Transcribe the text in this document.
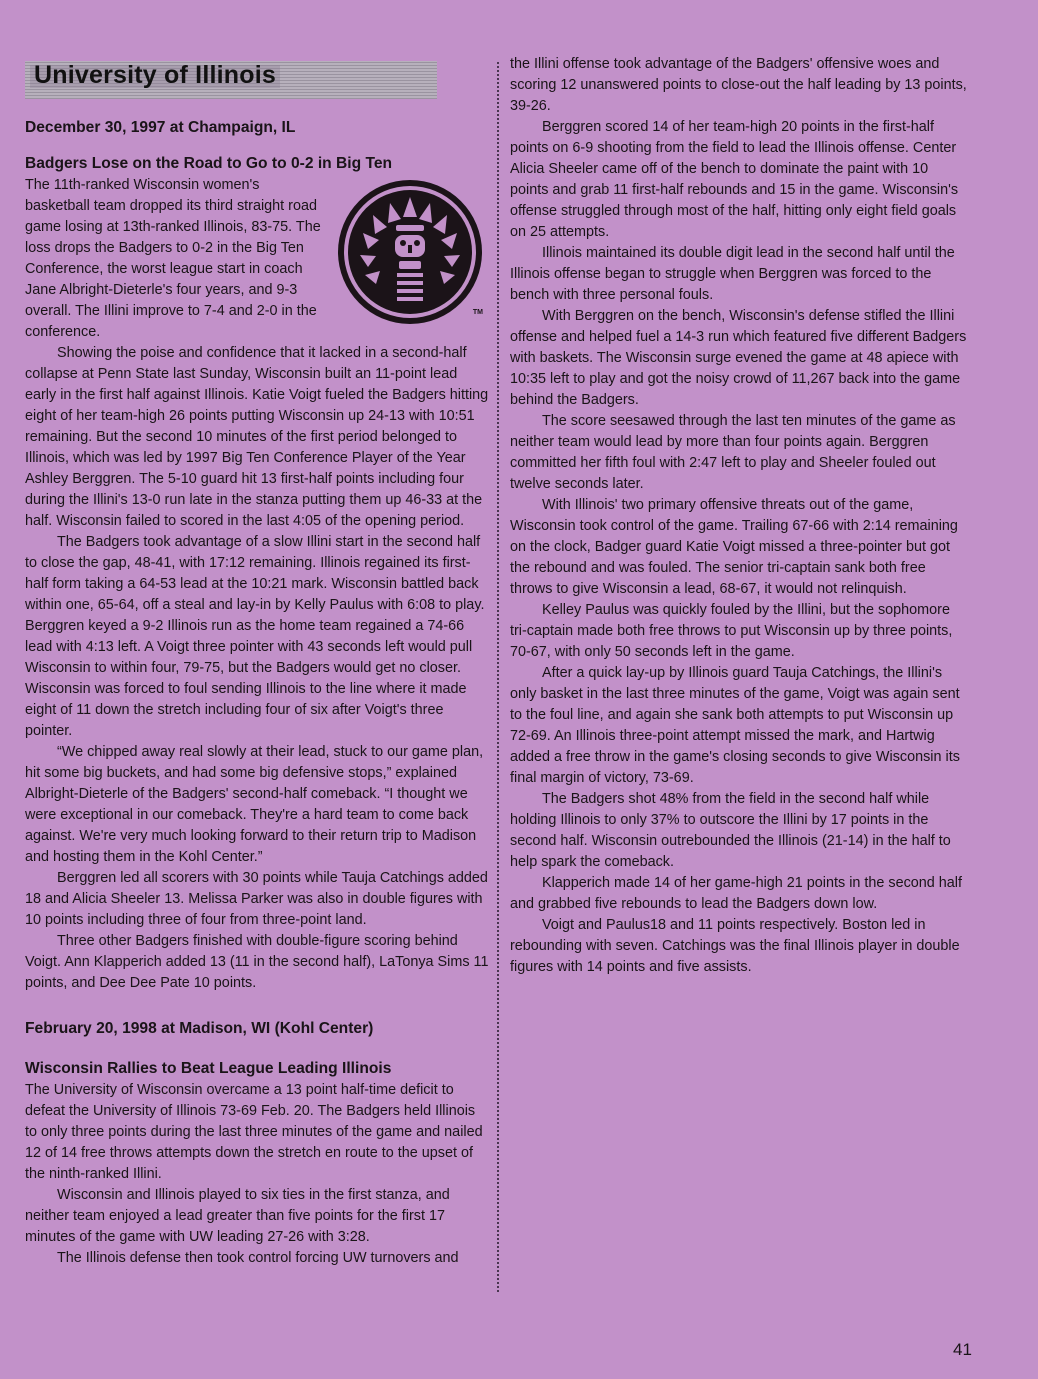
University of Illinois
December 30, 1997 at Champaign, IL
Badgers Lose on the Road to Go to 0-2 in Big Ten
TM

The 11th-ranked Wisconsin women's basketball team dropped its third straight road game losing at 13th-ranked Illinois, 83-75. The loss drops the Badgers to 0-2 in the Big Ten Conference, the worst league start in coach Jane Albright-Dieterle's four years, and 9-3 overall. The Illini improve to 7-4 and 2-0 in the conference.

Showing the poise and confidence that it lacked in a second-half collapse at Penn State last Sunday, Wisconsin built an 11-point lead early in the first half against Illinois. Katie Voigt fueled the Badgers hitting eight of her team-high 26 points putting Wisconsin up 24-13 with 10:51 remaining. But the second 10 minutes of the first period belonged to Illinois, which was led by 1997 Big Ten Conference Player of the Year Ashley Berggren. The 5-10 guard hit 13 first-half points including four during the Illini's 13-0 run late in the stanza putting them up 46-33 at the half. Wisconsin failed to scored in the last 4:05 of the opening period.

The Badgers took advantage of a slow Illini start in the second half to close the gap, 48-41, with 17:12 remaining. Illinois regained its first-half form taking a 64-53 lead at the 10:21 mark. Wisconsin battled back within one, 65-64, off a steal and lay-in by Kelly Paulus with 6:08 to play. Berggren keyed a 9-2 Illinois run as the home team regained a 74-66 lead with 4:13 left. A Voigt three pointer with 43 seconds left would pull Wisconsin to within four, 79-75, but the Badgers would get no closer. Wisconsin was forced to foul sending Illinois to the line where it made eight of 11 down the stretch including four of six after Voigt's three pointer.

“We chipped away real slowly at their lead, stuck to our game plan, hit some big buckets, and had some big defensive stops,” explained Albright-Dieterle of the Badgers' second-half comeback. “I thought we were exceptional in our comeback. They're a hard team to come back against. We're very much looking forward to their return trip to Madison and hosting them in the Kohl Center.”

Berggren led all scorers with 30 points while Tauja Catchings added 18 and Alicia Sheeler 13. Melissa Parker was also in double figures with 10 points including three of four from three-point land.

Three other Badgers finished with double-figure scoring behind Voigt. Ann Klapperich added 13 (11 in the second half), LaTonya Sims 11 points, and Dee Dee Pate 10 points.

February 20, 1998 at Madison, WI (Kohl Center)
Wisconsin Rallies to Beat League Leading Illinois

The University of Wisconsin overcame a 13 point half-time deficit to defeat the University of Illinois 73-69 Feb. 20. The Badgers held Illinois to only three points during the last three minutes of the game and nailed 12 of 14 free throws attempts down the stretch en route to the upset of the ninth-ranked Illini.

Wisconsin and Illinois played to six ties in the first stanza, and neither team enjoyed a lead greater than five points for the first 17 minutes of the game with UW leading 27-26 with 3:28.

The Illinois defense then took control forcing UW turnovers and

the Illini offense took advantage of the Badgers' offensive woes and scoring 12 unanswered points to close-out the half leading by 13 points, 39-26.

Berggren scored 14 of her team-high 20 points in the first-half points on 6-9 shooting from the field to lead the Illinois offense. Center Alicia Sheeler came off of the bench to dominate the paint with 10 points and grab 11 first-half rebounds and 15 in the game. Wisconsin's offense struggled through most of the half, hitting only eight field goals on 25 attempts.

Illinois maintained its double digit lead in the second half until the Illinois offense began to struggle when Berggren was forced to the bench with three personal fouls.

With Berggren on the bench, Wisconsin's defense stifled the Illini offense and helped fuel a 14-3 run which featured five different Badgers with baskets. The Wisconsin surge evened the game at 48 apiece with 10:35 left to play and got the noisy crowd of 11,267 back into the game behind the Badgers.

The score seesawed through the last ten minutes of the game as neither team would lead by more than four points again. Berggren committed her fifth foul with 2:47 left to play and Sheeler fouled out twelve seconds later.

With Illinois' two primary offensive threats out of the game, Wisconsin took control of the game. Trailing 67-66 with 2:14 remaining on the clock, Badger guard Katie Voigt missed a three-pointer but got the rebound and was fouled. The senior tri-captain sank both free throws to give Wisconsin a lead, 68-67, it would not relinquish.

Kelley Paulus was quickly fouled by the Illini, but the sophomore tri-captain made both free throws to put Wisconsin up by three points, 70-67, with only 50 seconds left in the game.

After a quick lay-up by Illinois guard Tauja Catchings, the Illini's only basket in the last three minutes of the game, Voigt was again sent to the foul line, and again she sank both attempts to put Wisconsin up 72-69. An Illinois three-point attempt missed the mark, and Hartwig added a free throw in the game's closing seconds to give Wisconsin its final margin of victory, 73-69.

The Badgers shot 48% from the field in the second half while holding Illinois to only 37% to outscore the Illini by 17 points in the second half. Wisconsin outrebounded the Illinois (21-14) in the half to help spark the comeback.

Klapperich made 14 of her game-high 21 points in the second half and grabbed five rebounds to lead the Badgers down low.

Voigt and Paulus18 and 11 points respectively. Boston led in rebounding with seven. Catchings was the final Illinois player in double figures with 14 points and five assists.

41
